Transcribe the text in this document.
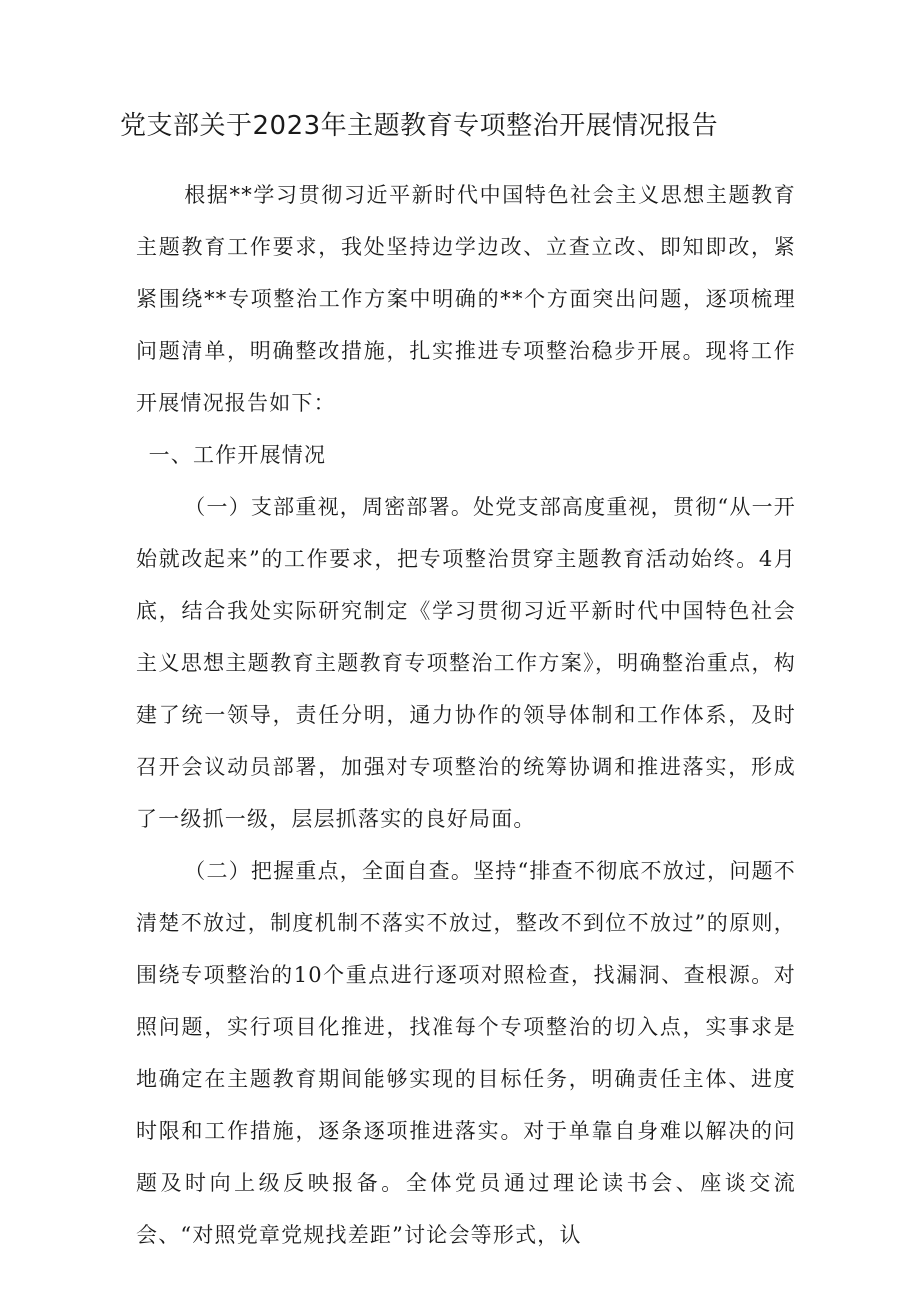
党支部关于2023年主题教育专项整治开展情况报告

根据**学习贯彻习近平新时代中国特色社会主义思想主题教育主题教育工作要求，我处坚持边学边改、立查立改、即知即改，紧紧围绕**专项整治工作方案中明确的**个方面突出问题，逐项梳理问题清单，明确整改措施，扎实推进专项整治稳步开展。现将工作开展情况报告如下：

一、工作开展情况

（一）支部重视，周密部署。处党支部高度重视，贯彻“从一开始就改起来”的工作要求，把专项整治贯穿主题教育活动始终。4月底，结合我处实际研究制定《学习贯彻习近平新时代中国特色社会主义思想主题教育主题教育专项整治工作方案》，明确整治重点，构建了统一领导，责任分明，通力协作的领导体制和工作体系，及时召开会议动员部署，加强对专项整治的统筹协调和推进落实，形成了一级抓一级，层层抓落实的良好局面。

（二）把握重点，全面自查。坚持“排查不彻底不放过，问题不清楚不放过，制度机制不落实不放过，整改不到位不放过”的原则，围绕专项整治的10个重点进行逐项对照检查，找漏洞、查根源。对照问题，实行项目化推进，找准每个专项整治的切入点，实事求是地确定在主题教育期间能够实现的目标任务，明确责任主体、进度时限和工作措施，逐条逐项推进落实。对于单靠自身难以解决的问题及时向上级反映报备。全体党员通过理论读书会、座谈交流会、“对照党章党规找差距”讨论会等形式，认
